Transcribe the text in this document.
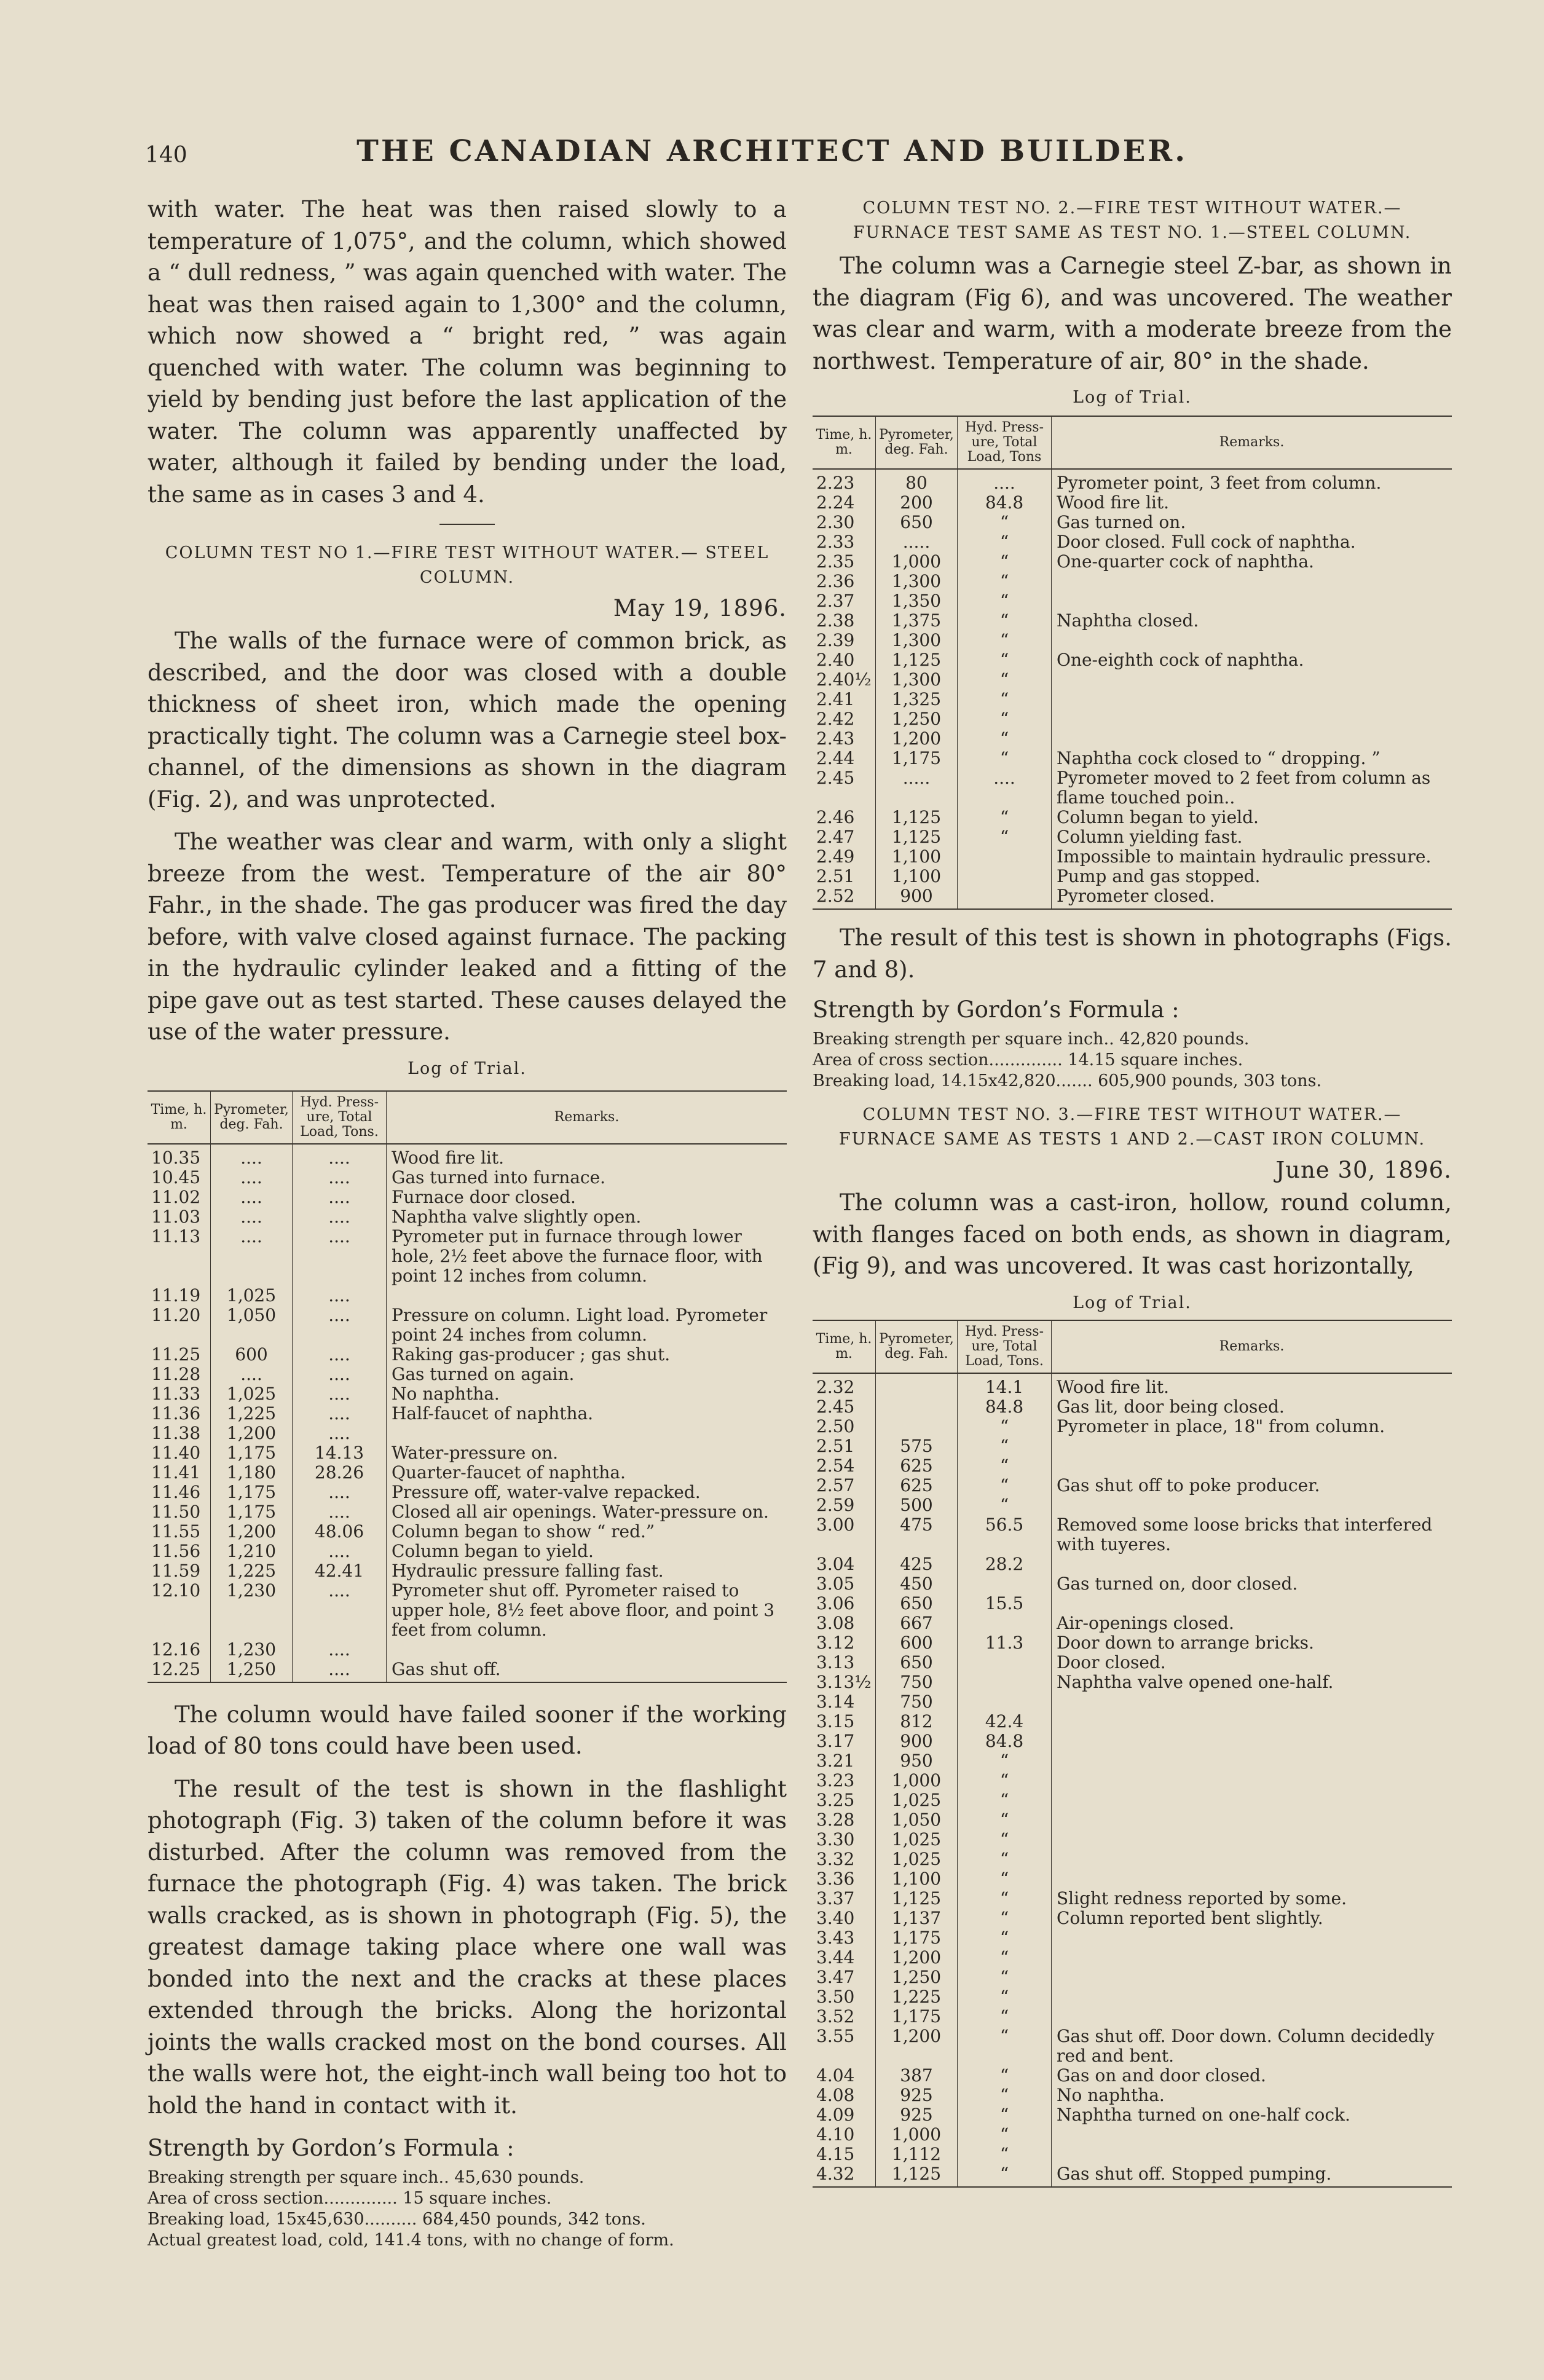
140	THE CANADIAN ARCHITECT AND BUILDER.

with water. The heat was then raised slowly to a temperature of 1,075°, and the column, which showed a “ dull redness, ” was again quenched with water. The heat was then raised again to 1,300° and the column, which now showed a “ bright red, ” was again quenched with water. The column was beginning to yield by bending just before the last application of the water. The column was apparently unaffected by water, although it failed by bending under the load, the same as in cases 3 and 4.

COLUMN TEST NO 1.—FIRE TEST WITHOUT WATER.— STEEL COLUMN.
May 19, 1896.

The walls of the furnace were of common brick, as described, and the door was closed with a double thickness of sheet iron, which made the opening practically tight. The column was a Carnegie steel box-channel, of the dimensions as shown in the diagram (Fig. 2), and was unprotected.

The weather was clear and warm, with only a slight breeze from the west. Temperature of the air 80° Fahr., in the shade. The gas producer was fired the day before, with valve closed against furnace. The packing in the hydraulic cylinder leaked and a fitting of the pipe gave out as test started. These causes delayed the use of the water pressure.

Log of Trial.
Time, h. m.	Pyrometer, deg. Fah.	Hyd. Press-ure, Total Load, Tons.	Remarks.
10.35	....	....	Wood fire lit.
10.45	....	....	Gas turned into furnace.
11.02	....	....	Furnace door closed.
11.03	....	....	Naphtha valve slightly open.
11.13	....	....	Pyrometer put in furnace through lower hole, 2½ feet above the furnace floor, with point 12 inches from column.
11.19	1,025	....	
11.20	1,050	....	Pressure on column. Light load. Pyrometer point 24 inches from column.
11.25	600	....	Raking gas-producer ; gas shut.
11.28	....	....	Gas turned on again.
11.33	1,025	....	No naphtha.
11.36	1,225	....	Half-faucet of naphtha.
11.38	1,200	....	
11.40	1,175	14.13	Water-pressure on.
11.41	1,180	28.26	Quarter-faucet of naphtha.
11.46	1,175	....	Pressure off, water-valve repacked.
11.50	1,175	....	Closed all air openings. Water-pressure on.
11.55	1,200	48.06	Column began to show “ red.”
11.56	1,210	....	Column began to yield.
11.59	1,225	42.41	Hydraulic pressure falling fast.
12.10	1,230	....	Pyrometer shut off. Pyrometer raised to upper hole, 8½ feet above floor, and point 3 feet from column.
12.16	1,230	....	
12.25	1,250	....	Gas shut off.

The column would have failed sooner if the working load of 80 tons could have been used.

The result of the test is shown in the flashlight photograph (Fig. 3) taken of the column before it was disturbed. After the column was removed from the furnace the photograph (Fig. 4) was taken. The brick walls cracked, as is shown in photograph (Fig. 5), the greatest damage taking place where one wall was bonded into the next and the cracks at these places extended through the bricks. Along the horizontal joints the walls cracked most on the bond courses. All the walls were hot, the eight-inch wall being too hot to hold the hand in contact with it.

Strength by Gordon’s Formula :

Breaking strength per square inch.. 45,630 pounds.

Area of cross section.............. 15 square inches.

Breaking load, 15x45,630.......... 684,450 pounds, 342 tons.

Actual greatest load, cold, 141.4 tons, with no change of form.

COLUMN TEST NO. 2.—FIRE TEST WITHOUT WATER.— FURNACE TEST SAME AS TEST NO. 1.—STEEL COLUMN.

The column was a Carnegie steel Z-bar, as shown in the diagram (Fig 6), and was uncovered. The weather was clear and warm, with a moderate breeze from the northwest. Temperature of air, 80° in the shade.

Log of Trial.
Time, h. m.	Pyrometer, deg. Fah.	Hyd. Press-ure, Total Load, Tons	Remarks.
2.23	80	....	Pyrometer point, 3 feet from column.
2.24	200	84.8	Wood fire lit.
2.30	650	“	Gas turned on.
2.33	.....	“	Door closed. Full cock of naphtha.
2.35	1,000	“	One-quarter cock of naphtha.
2.36	1,300	“	
2.37	1,350	“	
2.38	1,375	“	Naphtha closed.
2.39	1,300	“	
2.40	1,125	“	One-eighth cock of naphtha.
2.40½	1,300	“	
2.41	1,325	“	
2.42	1,250	“	
2.43	1,200	“	
2.44	1,175	“	Naphtha cock closed to “ dropping. ”
2.45	.....	....	Pyrometer moved to 2 feet from column as flame touched poin..
2.46	1,125	“	Column began to yield.
2.47	1,125	“	Column yielding fast.
2.49	1,100		Impossible to maintain hydraulic pressure.
2.51	1,100		Pump and gas stopped.
2.52	900		Pyrometer closed.

The result of this test is shown in photographs (Figs. 7 and 8).

Strength by Gordon’s Formula :

Breaking strength per square inch.. 42,820 pounds.

Area of cross section.............. 14.15 square inches.

Breaking load, 14.15x42,820....... 605,900 pounds, 303 tons.

COLUMN TEST NO. 3.—FIRE TEST WITHOUT WATER.— FURNACE SAME AS TESTS 1 AND 2.—CAST IRON COLUMN.
June 30, 1896.

The column was a cast-iron, hollow, round column, with flanges faced on both ends, as shown in diagram, (Fig 9), and was uncovered. It was cast horizontally,

Log of Trial.
Time, h. m.	Pyrometer, deg. Fah.	Hyd. Press-ure, Total Load, Tons.	Remarks.
2.32		14.1	Wood fire lit.
2.45		84.8	Gas lit, door being closed.
2.50		“	Pyrometer in place, 18" from column.
2.51	575	“	
2.54	625	“	
2.57	625	“	Gas shut off to poke producer.
2.59	500	“	
3.00	475	56.5	Removed some loose bricks that interfered with tuyeres.
3.04	425	28.2	
3.05	450		Gas turned on, door closed.
3.06	650	15.5	
3.08	667		Air-openings closed.
3.12	600	11.3	Door down to arrange bricks.
3.13	650		Door closed.
3.13½	750		Naphtha valve opened one-half.
3.14	750		
3.15	812	42.4	
3.17	900	84.8	
3.21	950	“	
3.23	1,000	“	
3.25	1,025	“	
3.28	1,050	“	
3.30	1,025	“	
3.32	1,025	“	
3.36	1,100	“	
3.37	1,125	“	Slight redness reported by some.
3.40	1,137	“	Column reported bent slightly.
3.43	1,175	“	
3.44	1,200	“	
3.47	1,250	“	
3.50	1,225	“	
3.52	1,175	“	
3.55	1,200	“	Gas shut off. Door down. Column decidedly red and bent.
4.04	387	“	Gas on and door closed.
4.08	925	“	No naphtha.
4.09	925	“	Naphtha turned on one-half cock.
4.10	1,000	“	
4.15	1,112	“	
4.32	1,125	“	Gas shut off. Stopped pumping.
